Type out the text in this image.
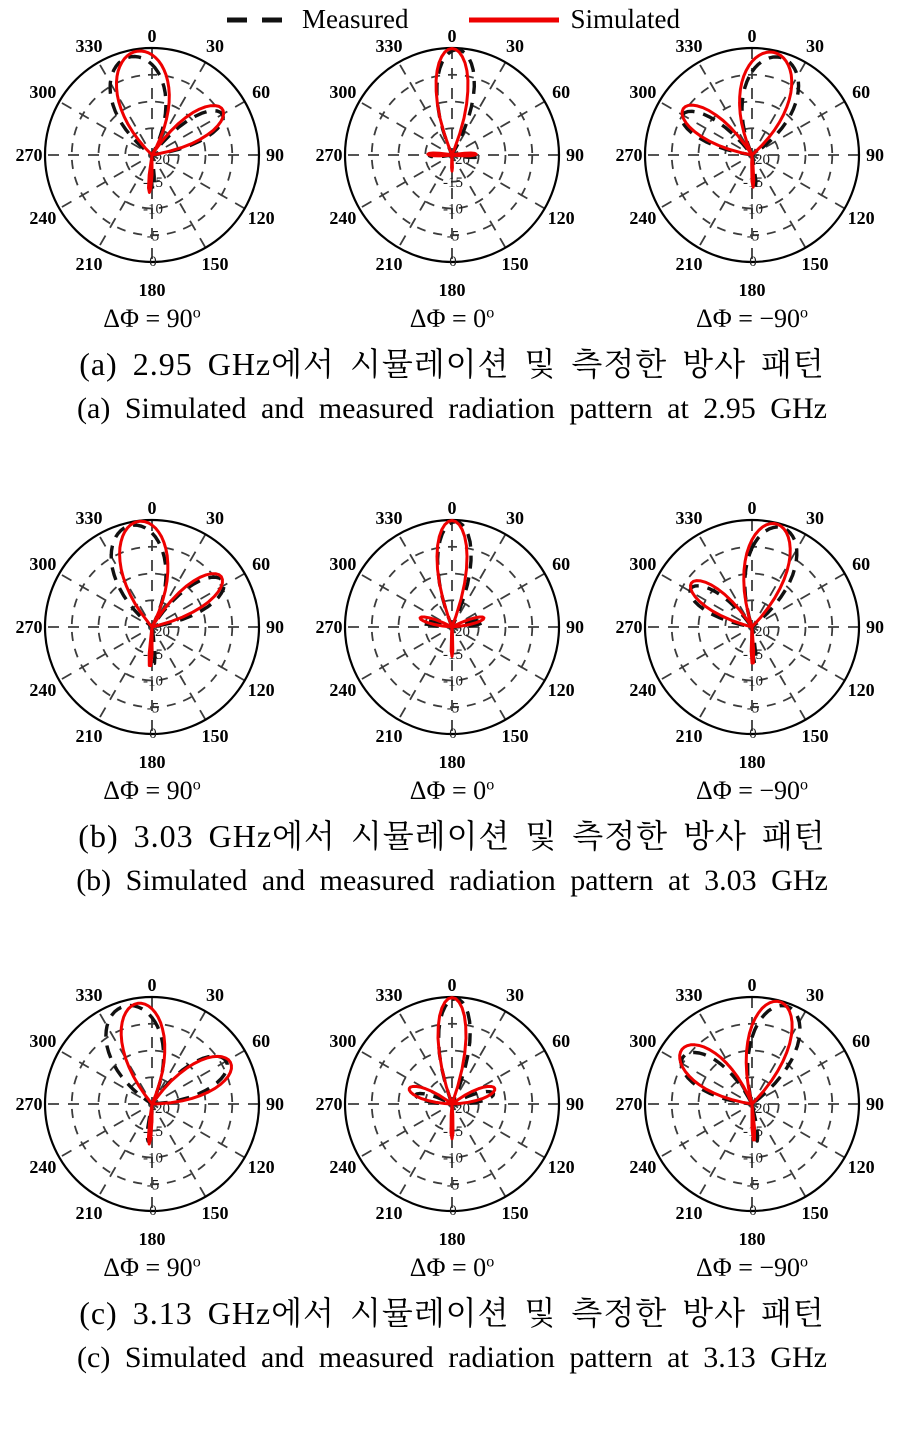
Measured	Simulated
0	30
60
90
120
150
180
210
240
270
300
330
-15
-10
-5
0
-20
0	30
60
90
120
150
180
210
240
270
300
330
-15
-10
-5
0
-20
0	30
60
90
120
150
180
210
240
270
300
330
-15
-10
-5
0
-20
$\Delta\Phi = 90^o$	$\Delta\Phi = 0^o$	$\Delta\Phi = -90^o$
(a) 2.95 GHz에서 시뮬레이션 및 측정한 방사 패턴
(a) Simulated and measured radiation pattern at 2.95 GHz
0	30
60
90
120
150
180
210
240
270
300
330
-15
-10
-5
0
-20
0	30
60
90
120
150
180
210
240
270
300
330
-15
-10
-5
0
-20
0	30
60
90
120
150
180
210
240
270
300
330
-15
-10
-5
0
-20
$\Delta\Phi = 90^o$	$\Delta\Phi = 0^o$	$\Delta\Phi = -90^o$
(b) 3.03 GHz에서 시뮬레이션 및 측정한 방사 패턴
(b) Simulated and measured radiation pattern at 3.03 GHz
0	30
60
90
120
150
180
210
240
270
300
330
-15
-10
-5
0
-20
0	30
60
90
120
150
180
210
240
270
300
330
-15
-10
-5
0
-20
0	30
60
90
120
150
180
210
240
270
300
330
-15
-10
-5
0
-20
$\Delta\Phi = 90^o$	$\Delta\Phi = 0^o$	$\Delta\Phi = -90^o$
(c) 3.13 GHz에서 시뮬레이션 및 측정한 방사 패턴
(c) Simulated and measured radiation pattern at 3.13 GHz
